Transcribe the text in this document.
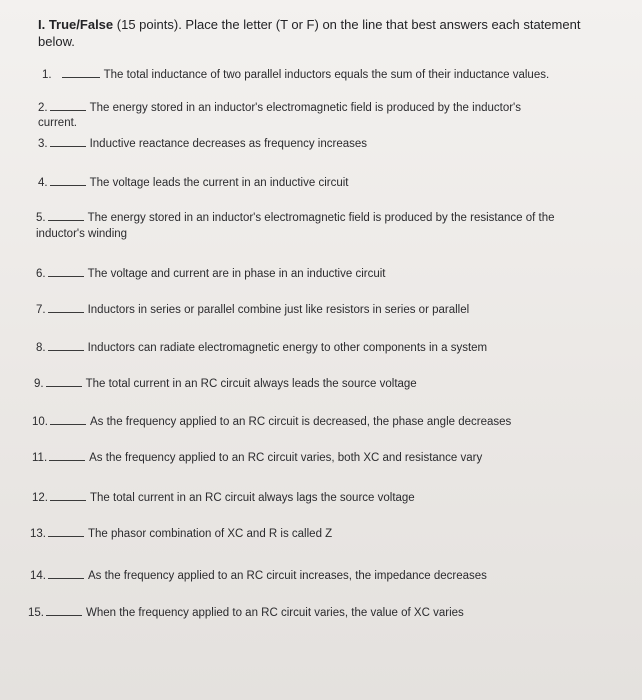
I. True/False (15 points). Place the letter (T or F) on the line that best answers each statement below.
1.	The total inductance of two parallel inductors equals the sum of their inductance values.
2.	The energy stored in an inductor's electromagnetic field is produced by the inductor's
current.
3.	Inductive reactance decreases as frequency increases
4.	The voltage leads the current in an inductive circuit
5.	The energy stored in an inductor's electromagnetic field is produced by the resistance of the
inductor's winding
6.	The voltage and current are in phase in an inductive circuit
7.	Inductors in series or parallel combine just like resistors in series or parallel
8.	Inductors can radiate electromagnetic energy to other components in a system
9.	The total current in an RC circuit always leads the source voltage
10.	As the frequency applied to an RC circuit is decreased, the phase angle decreases
11.	As the frequency applied to an RC circuit varies, both XC and resistance vary
12.	The total current in an RC circuit always lags the source voltage
13.	The phasor combination of XC and R is called Z
14.	As the frequency applied to an RC circuit increases, the impedance decreases
15.	When the frequency applied to an RC circuit varies, the value of XC varies
